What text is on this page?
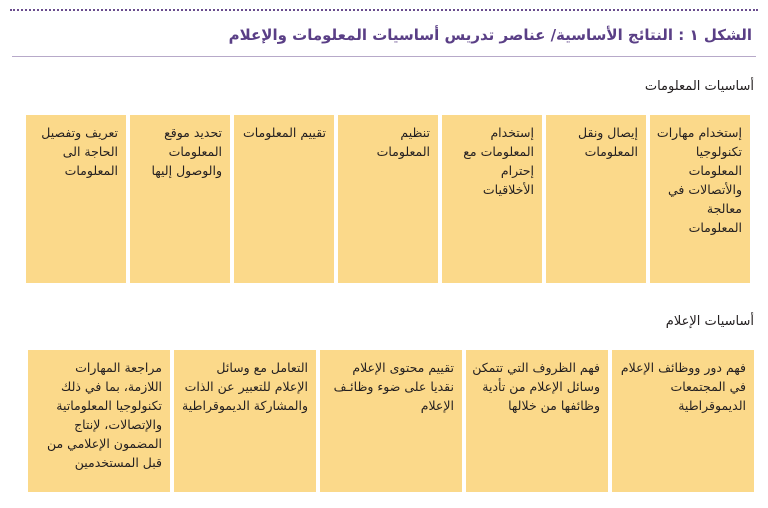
الشكل ١ : النتائج الأساسية/ عناصر تدريس أساسيات المعلومات والإعلام
أساسيات المعلومات
إستخدام مهارات تكنولوجيا المعلومات والأتصالات في معالجة المعلومات
إيصال ونقل المعلومات
إستخدام المعلومات مع إحترام الأخلاقيات
تنظيم المعلومات
تقييم المعلومات
تحديد موقع المعلومات والوصول إليها
تعريف وتفصيل الحاجة الى المعلومات
أساسيات الإعلام
فهم دور ووظائف الإعلام في المجتمعات الديموقراطية
فهم الظروف التي تتمكن وسائل الإعلام من تأدية وظائفها من خلالها
تقييم محتوى الإعلام نقديا على ضوء وظائـف الإعلام
التعامل مع وسائل الإعلام للتعبير عن الذات والمشاركة الديموقراطية
مراجعة المهارات اللازمة، بما في ذلك تكنولوجيا المعلوماتية والإتصالات، لإنتاج المضمون الإعلامي من قبل المستخدمين
